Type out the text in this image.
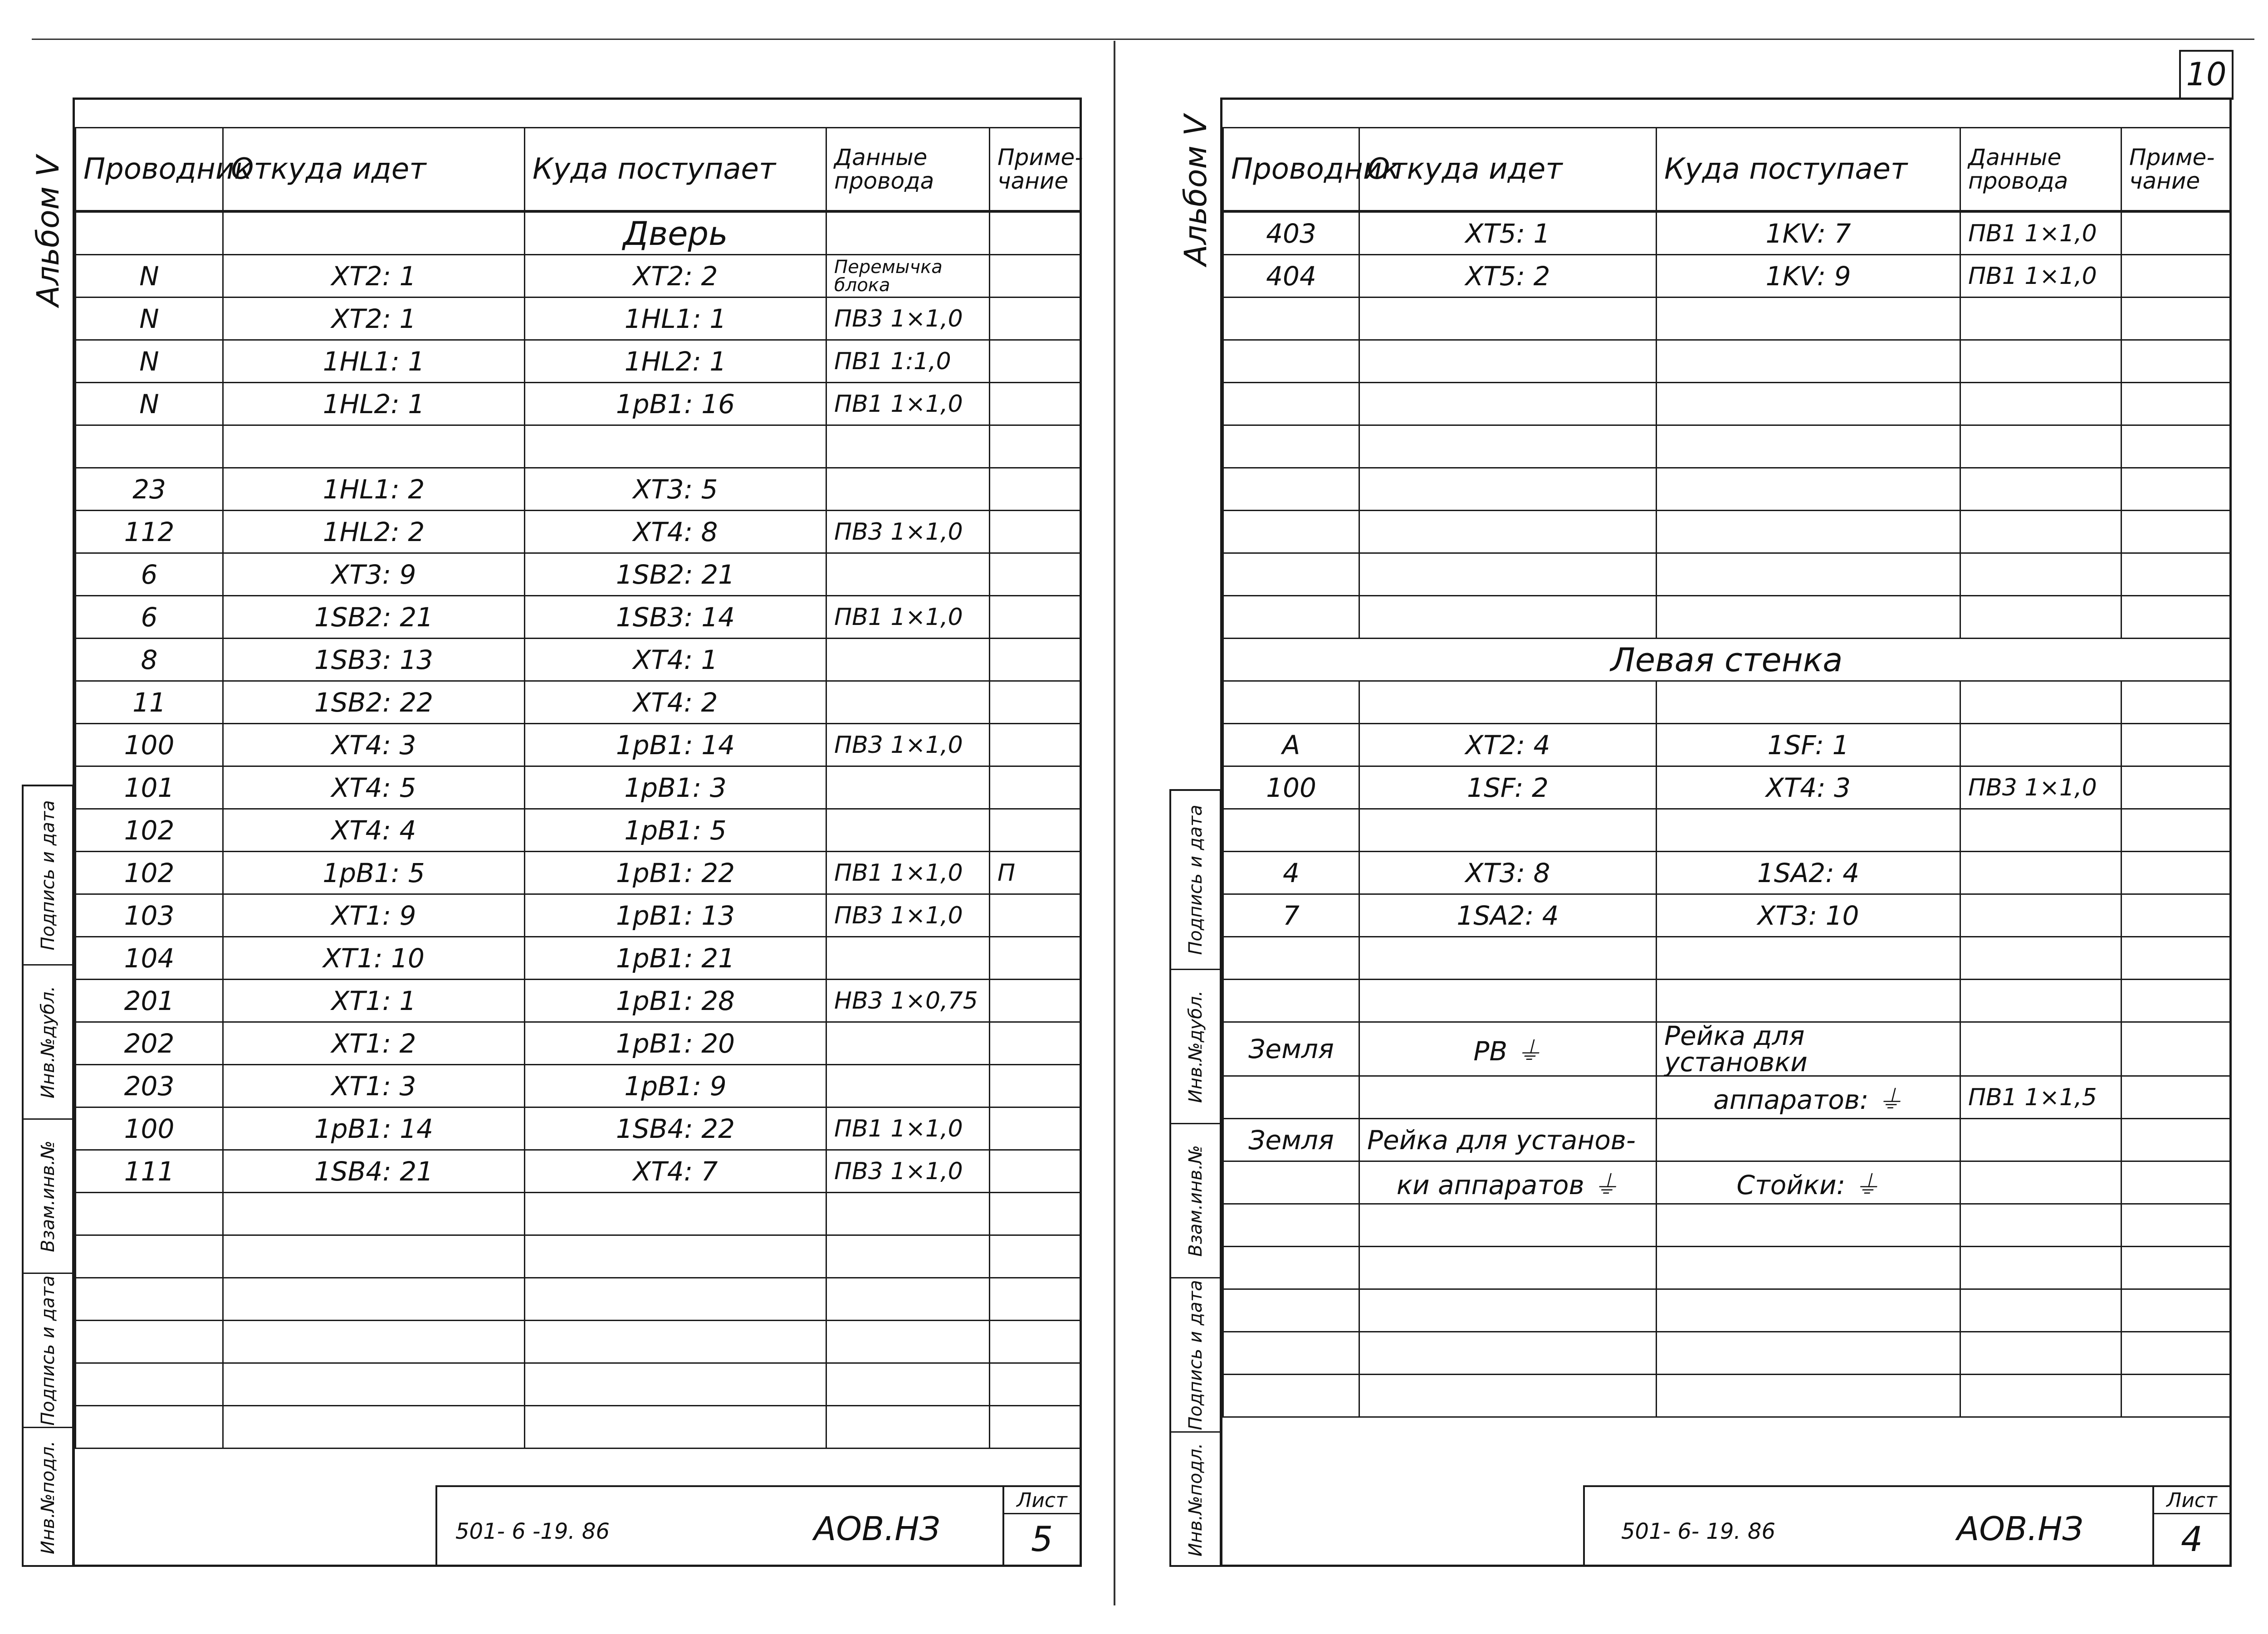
Альбом Ⅴ
Подпись и дата
Инв.№дубл.
Взам.инв.№
Подпись и дата
Инв.№подл.
Проводник	Откуда идет	Куда поступает	Данные провода	Приме-чание
		Дверь		
N	XT2: 1	XT2: 2	Перемычка блока	
N	XT2: 1	1HL1: 1	ПВ3 1×1,0	
N	1HL1: 1	1HL2: 1	ПВ1 1:1,0	
N	1HL2: 1	1pB1: 16	ПВ1 1×1,0	

23	1HL1: 2	XT3: 5		
112	1HL2: 2	XT4: 8	ПВ3 1×1,0	
6	XT3: 9	1SB2: 21		
6	1SB2: 21	1SB3: 14	ПВ1 1×1,0	
8	1SB3: 13	XT4: 1		
11	1SB2: 22	XT4: 2		
100	XT4: 3	1pB1: 14	ПВ3 1×1,0	
101	XT4: 5	1pB1: 3		
102	XT4: 4	1pB1: 5		
102	1pB1: 5	1pB1: 22	ПВ1 1×1,0	П
103	XT1: 9	1pB1: 13	ПВ3 1×1,0	
104	XT1: 10	1pB1: 21		
201	XT1: 1	1pB1: 28	НВ3 1×0,75	
202	XT1: 2	1pB1: 20		
203	XT1: 3	1pB1: 9		
100	1pB1: 14	1SB4: 22	ПВ1 1×1,0	
111	1SB4: 21	XT4: 7	ПВ3 1×1,0	

501- 6 -19. 86	АОВ.НЗ
Лист
5
Альбом Ⅴ
Подпись и дата
Инв.№дубл.
Взам.инв.№
Подпись и дата
Инв.№подл.
10
Проводник	Откуда идет	Куда поступает	Данные провода	Приме-чание
403	XT5: 1	1KV: 7	ПВ1 1×1,0	
404	XT5: 2	1KV: 9	ПВ1 1×1,0	

Левая стенка				

A	XT2: 4	1SF: 1		
100	1SF: 2	XT4: 3	ПВ3 1×1,0	

4	XT3: 8	1SA2: 4		
7	1SA2: 4	XT3: 10		

Земля	PB ⏚	Рейка для установки		
		аппаратов: ⏚	ПВ1 1×1,5	
Земля	Рейка для установ-			
	ки аппаратов ⏚	Стойки: ⏚		

501- 6- 19. 86	АОВ.НЗ
Лист
4
